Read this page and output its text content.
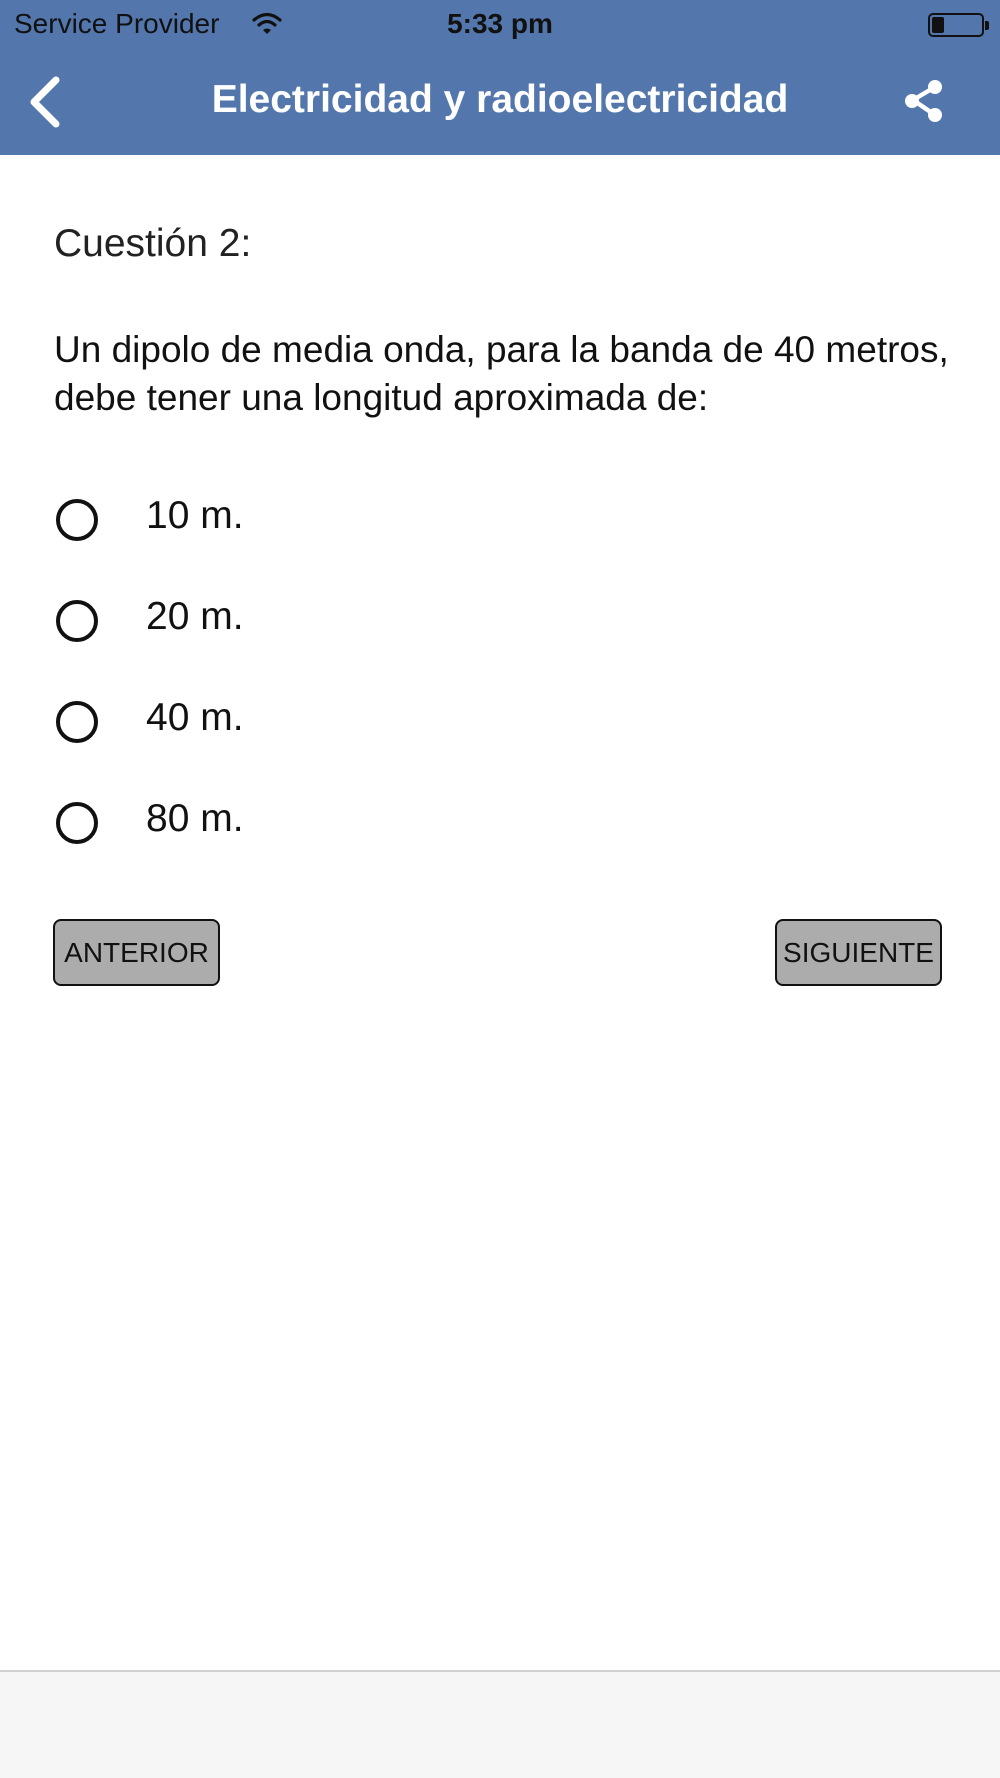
Service Provider	5:33 pm
Electricidad y radioelectricidad
Cuestión 2:
Un dipolo de media onda, para la banda de 40 metros, debe tener una longitud aproximada de:
10 m.
20 m.
40 m.
80 m.
ANTERIOR	SIGUIENTE
